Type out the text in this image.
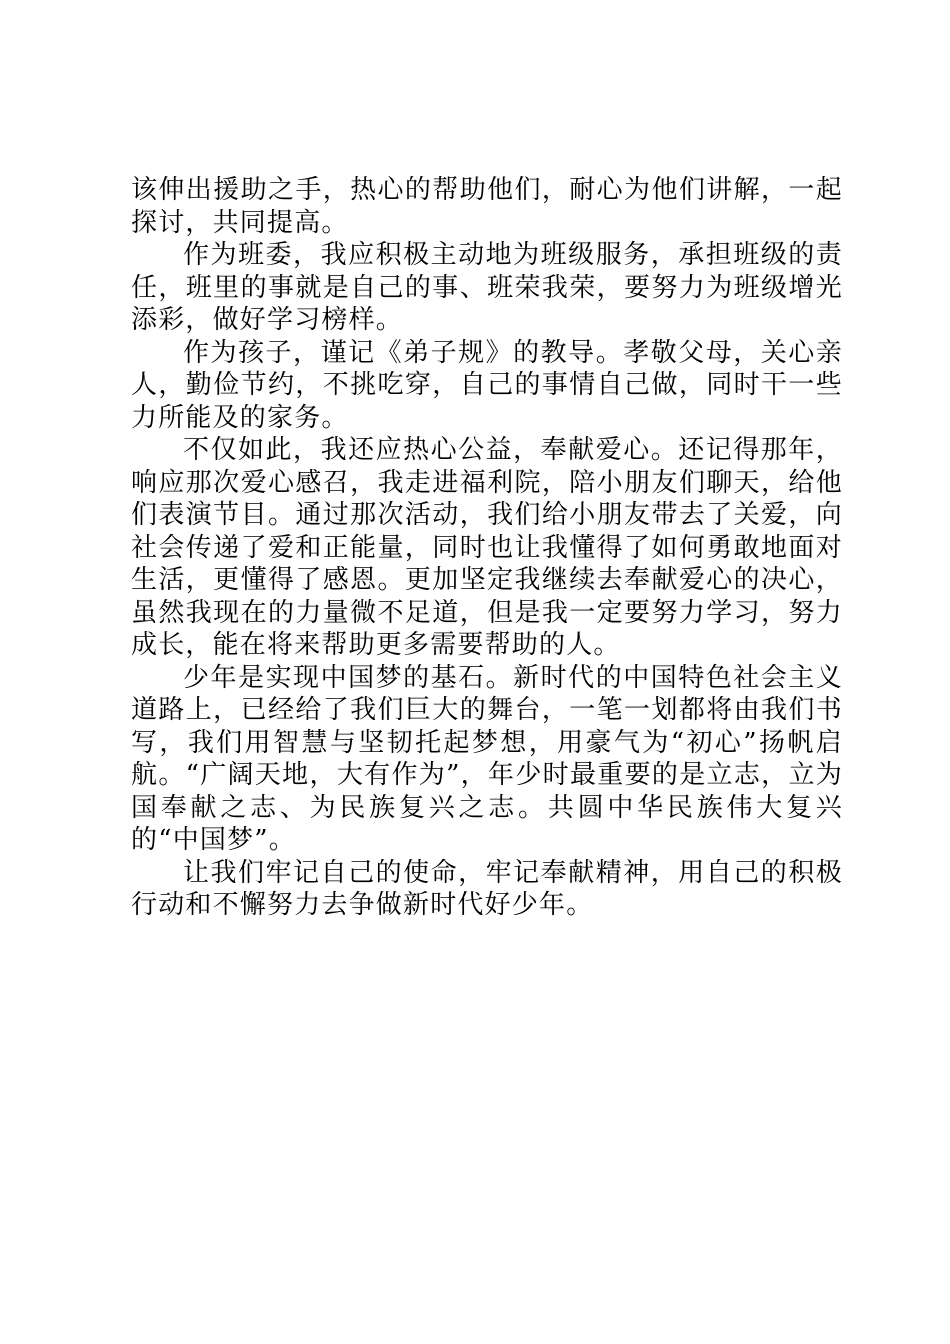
该伸出援助之手，热心的帮助他们，耐心为他们讲解，一起探讨，共同提高。

作为班委，我应积极主动地为班级服务，承担班级的责任，班里的事就是自己的事、班荣我荣，要努力为班级增光添彩，做好学习榜样。

作为孩子，谨记《弟子规》的教导。孝敬父母，关心亲人，勤俭节约，不挑吃穿，自己的事情自己做，同时干一些力所能及的家务。

不仅如此，我还应热心公益，奉献爱心。还记得那年，响应那次爱心感召，我走进福利院，陪小朋友们聊天，给他们表演节目。通过那次活动，我们给小朋友带去了关爱，向社会传递了爱和正能量，同时也让我懂得了如何勇敢地面对生活，更懂得了感恩。更加坚定我继续去奉献爱心的决心，虽然我现在的力量微不足道，但是我一定要努力学习，努力成长，能在将来帮助更多需要帮助的人。

少年是实现中国梦的基石。新时代的中国特色社会主义道路上，已经给了我们巨大的舞台，一笔一划都将由我们书写，我们用智慧与坚韧托起梦想，用豪气为“初心”扬帆启航。“广阔天地，大有作为”，年少时最重要的是立志，立为国奉献之志、为民族复兴之志。共圆中华民族伟大复兴的“中国梦”。

让我们牢记自己的使命，牢记奉献精神，用自己的积极行动和不懈努力去争做新时代好少年。
